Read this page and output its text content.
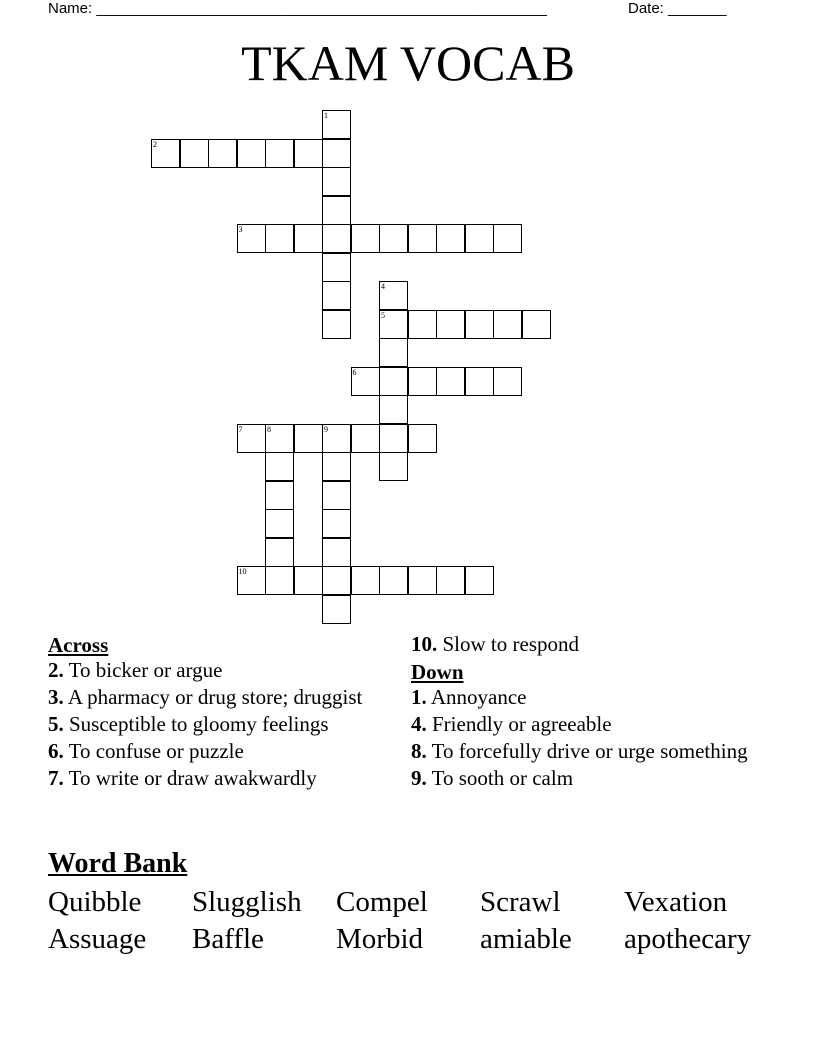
Name: ______________________________________________________	Date: _______
TKAM VOCAB
1
2
3
4
5
6
7	8	9
10
Across
2. To bicker or argue
3. A pharmacy or drug store; druggist
5. Susceptible to gloomy feelings
6. To confuse or puzzle
7. To write or draw awakwardly
10. Slow to respond
Down
1. Annoyance
4. Friendly or agreeable
8. To forcefully drive or urge something
9. To sooth or calm
Word Bank
Quibble Slugglish Compel Scrawl Vexation
Assuage Baffle Morbid amiable apothecary
